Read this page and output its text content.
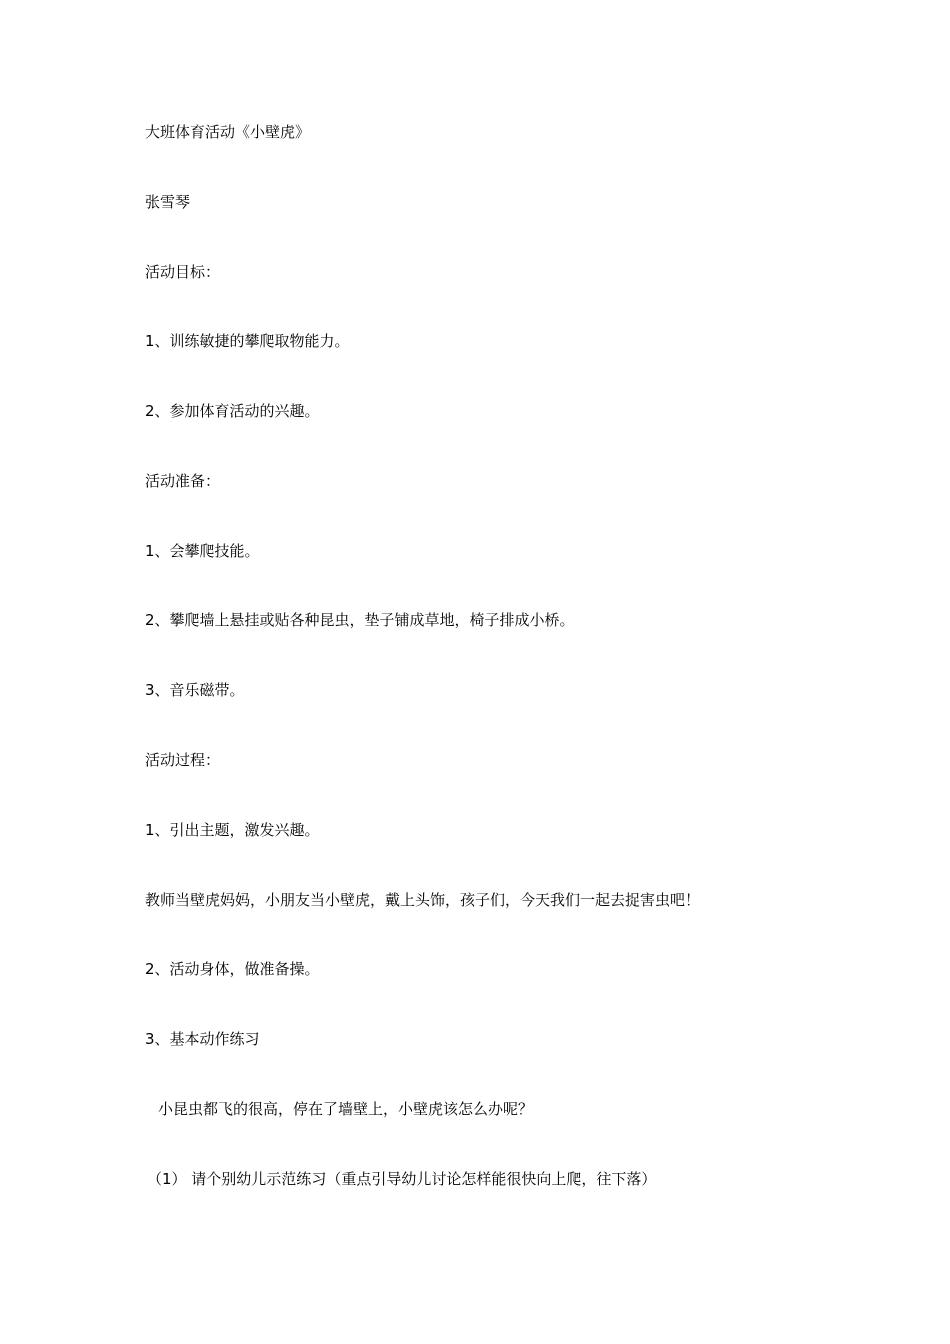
大班体育活动《小壁虎》
张雪琴
活动目标：
1、训练敏捷的攀爬取物能力。
2、参加体育活动的兴趣。
活动准备：
1、会攀爬技能。
2、攀爬墙上悬挂或贴各种昆虫，垫子铺成草地，椅子排成小桥。
3、音乐磁带。
活动过程：
1、引出主题，激发兴趣。
教师当壁虎妈妈，小朋友当小壁虎，戴上头饰，孩子们，今天我们一起去捉害虫吧！
2、活动身体，做准备操。
3、基本动作练习
小昆虫都飞的很高，停在了墙壁上，小壁虎该怎么办呢？
（1） 请个别幼儿示范练习（重点引导幼儿讨论怎样能很快向上爬，往下落）
